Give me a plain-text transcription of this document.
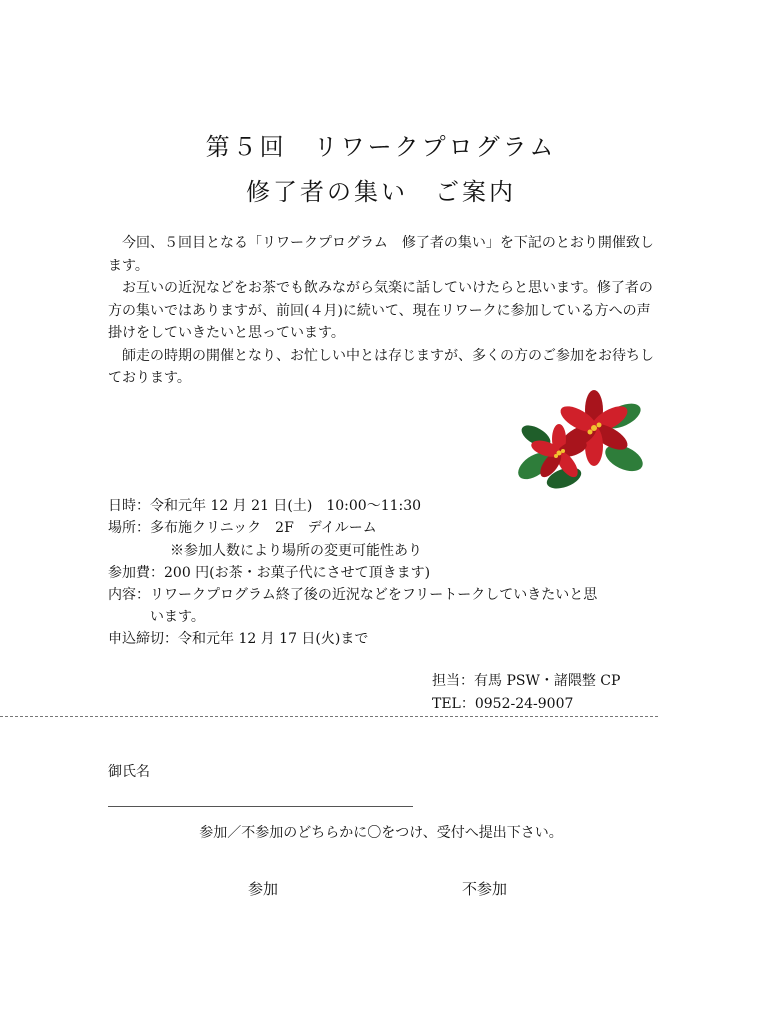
第５回　リワークプログラム
修了者の集い　ご案内

今回、５回目となる「リワークプログラム　修了者の集い」を下記のとおり開催致します。

お互いの近況などをお茶でも飲みながら気楽に話していけたらと思います。修了者の方の集いではありますが、前回(４月)に続いて、現在リワークに参加している方への声掛けをしていきたいと思っています。

師走の時期の開催となり、お忙しい中とは存じますが、多くの方のご参加をお待ちしております。

日時：令和元年 12 月 21 日(土)　10:00～11:30
場所：多布施クリニック　2F　デイルーム
※参加人数により場所の変更可能性あり
参加費：200 円(お茶・お菓子代にさせて頂きます)
内容：リワークプログラム終了後の近況などをフリートークしていきたいと思
います。
申込締切：令和元年 12 月 17 日(火)まで
担当：有馬 PSW・諸隈整 CP
TEL：0952-24-9007
御氏名
参加／不参加のどちらかに〇をつけ、受付へ提出下さい。
参加	不参加
